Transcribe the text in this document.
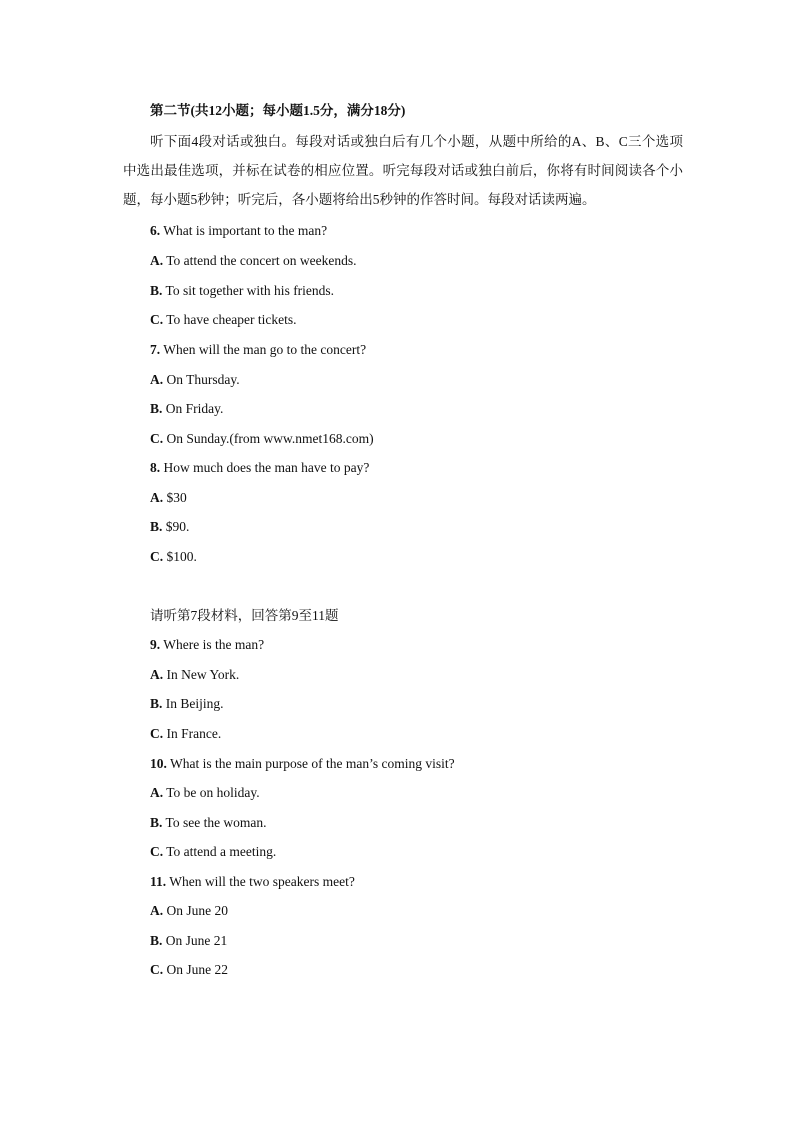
第二节(共12小题；每小题1.5分，满分18分)
听下面4段对话或独白。每段对话或独白后有几个小题，从题中所给的A、B、C三个选项中选出最佳选项，并标在试卷的相应位置。听完每段对话或独白前后，你将有时间阅读各个小题，每小题5秒钟；听完后，各小题将给出5秒钟的作答时间。每段对话读两遍。
6. What is important to the man?
A. To attend the concert on weekends.
B. To sit together with his friends.
C. To have cheaper tickets.
7. When will the man go to the concert?
A. On Thursday.
B. On Friday.
C. On Sunday.(from www.nmet168.com)
8. How much does the man have to pay?
A. $30
B. $90.
C. $100.
请听第7段材料，回答第9至11题
9. Where is the man?
A. In New York.
B. In Beijing.
C. In France.
10. What is the main purpose of the man’s coming visit?
A. To be on holiday.
B. To see the woman.
C. To attend a meeting.
11. When will the two speakers meet?
A. On June 20
B. On June 21
C. On June 22
